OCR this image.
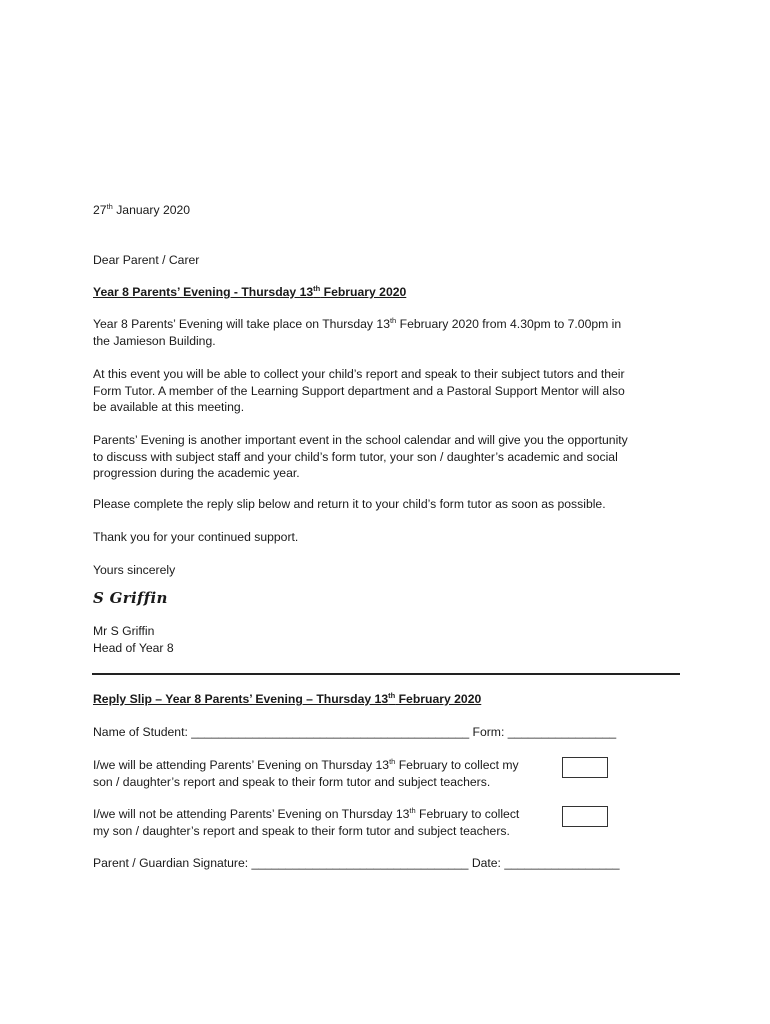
27th January 2020
Dear Parent / Carer
Year 8 Parents’ Evening - Thursday 13th February 2020
Year 8 Parents’ Evening will take place on Thursday 13th February 2020 from 4.30pm to 7.00pm in
the Jamieson Building.
At this event you will be able to collect your child’s report and speak to their subject tutors and their
Form Tutor. A member of the Learning Support department and a Pastoral Support Mentor will also
be available at this meeting.
Parents’ Evening is another important event in the school calendar and will give you the opportunity
to discuss with subject staff and your child’s form tutor, your son / daughter’s academic and social
progression during the academic year.
Please complete the reply slip below and return it to your child’s form tutor as soon as possible.
Thank you for your continued support.
Yours sincerely
S Griffin
Mr S Griffin
Head of Year 8
Reply Slip – Year 8 Parents’ Evening – Thursday 13th February 2020
Name of Student: _________________________________________ Form: ________________
I/we will be attending Parents’ Evening on Thursday 13th February to collect my
son / daughter’s report and speak to their form tutor and subject teachers.
I/we will not be attending Parents’ Evening on Thursday 13th February to collect
my son / daughter’s report and speak to their form tutor and subject teachers.
Parent / Guardian Signature: ________________________________ Date: _________________
